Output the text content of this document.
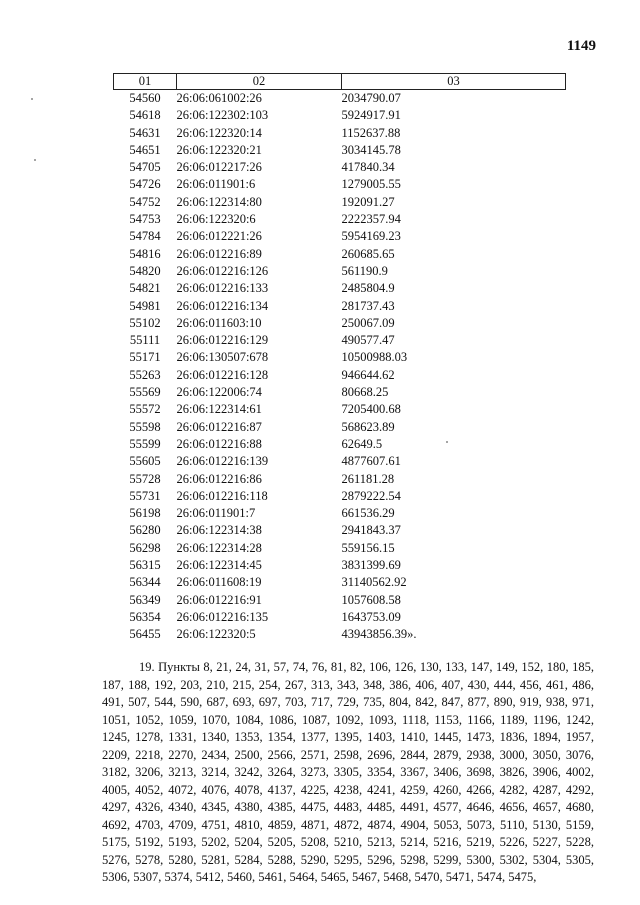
1149
01	02	03
54560	26:06:061002:26	2034790.07
54618	26:06:122302:103	5924917.91
54631	26:06:122320:14	1152637.88
54651	26:06:122320:21	3034145.78
54705	26:06:012217:26	417840.34
54726	26:06:011901:6	1279005.55
54752	26:06:122314:80	192091.27
54753	26:06:122320:6	2222357.94
54784	26:06:012221:26	5954169.23
54816	26:06:012216:89	260685.65
54820	26:06:012216:126	561190.9
54821	26:06:012216:133	2485804.9
54981	26:06:012216:134	281737.43
55102	26:06:011603:10	250067.09
55111	26:06:012216:129	490577.47
55171	26:06:130507:678	10500988.03
55263	26:06:012216:128	946644.62
55569	26:06:122006:74	80668.25
55572	26:06:122314:61	7205400.68
55598	26:06:012216:87	568623.89
55599	26:06:012216:88	62649.5
55605	26:06:012216:139	4877607.61
55728	26:06:012216:86	261181.28
55731	26:06:012216:118	2879222.54
56198	26:06:011901:7	661536.29
56280	26:06:122314:38	2941843.37
56298	26:06:122314:28	559156.15
56315	26:06:122314:45	3831399.69
56344	26:06:011608:19	31140562.92
56349	26:06:012216:91	1057608.58
56354	26:06:012216:135	1643753.09
56455	26:06:122320:5	43943856.39».

19. Пункты 8, 21, 24, 31, 57, 74, 76, 81, 82, 106, 126, 130, 133, 147, 149, 152, 180, 185, 187, 188, 192, 203, 210, 215, 254, 267, 313, 343, 348, 386, 406, 407, 430, 444, 456, 461, 486, 491, 507, 544, 590, 687, 693, 697, 703, 717, 729, 735, 804, 842, 847, 877, 890, 919, 938, 971, 1051, 1052, 1059, 1070, 1084, 1086, 1087, 1092, 1093, 1118, 1153, 1166, 1189, 1196, 1242, 1245, 1278, 1331, 1340, 1353, 1354, 1377, 1395, 1403, 1410, 1445, 1473, 1836, 1894, 1957, 2209, 2218, 2270, 2434, 2500, 2566, 2571, 2598, 2696, 2844, 2879, 2938, 3000, 3050, 3076, 3182, 3206, 3213, 3214, 3242, 3264, 3273, 3305, 3354, 3367, 3406, 3698, 3826, 3906, 4002, 4005, 4052, 4072, 4076, 4078, 4137, 4225, 4238, 4241, 4259, 4260, 4266, 4282, 4287, 4292, 4297, 4326, 4340, 4345, 4380, 4385, 4475, 4483, 4485, 4491, 4577, 4646, 4656, 4657, 4680, 4692, 4703, 4709, 4751, 4810, 4859, 4871, 4872, 4874, 4904, 5053, 5073, 5110, 5130, 5159, 5175, 5192, 5193, 5202, 5204, 5205, 5208, 5210, 5213, 5214, 5216, 5219, 5226, 5227, 5228, 5276, 5278, 5280, 5281, 5284, 5288, 5290, 5295, 5296, 5298, 5299, 5300, 5302, 5304, 5305, 5306, 5307, 5374, 5412, 5460, 5461, 5464, 5465, 5467, 5468, 5470, 5471, 5474, 5475,
